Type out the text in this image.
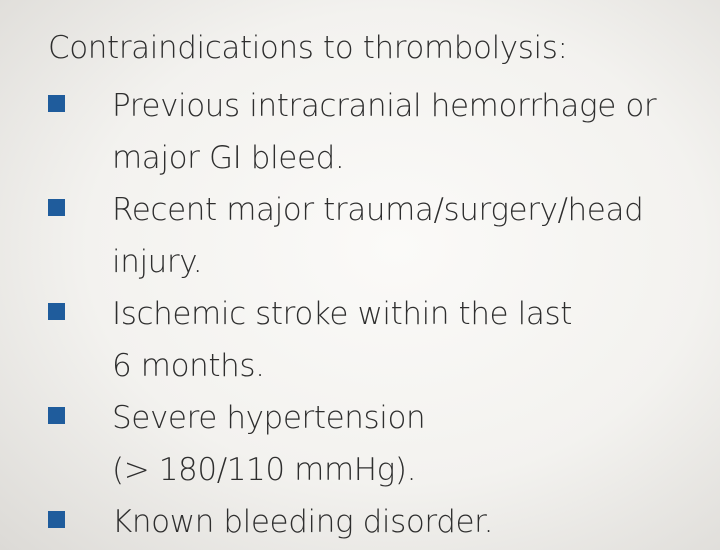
Contraindications to thrombolysis:
Previous intracranial hemorrhage or
major GI bleed.
Recent major trauma/surgery/head
injury.
Ischemic stroke within the last
6 months.
Severe hypertension
(> 180/110 mmHg).
Known bleeding disorder.
